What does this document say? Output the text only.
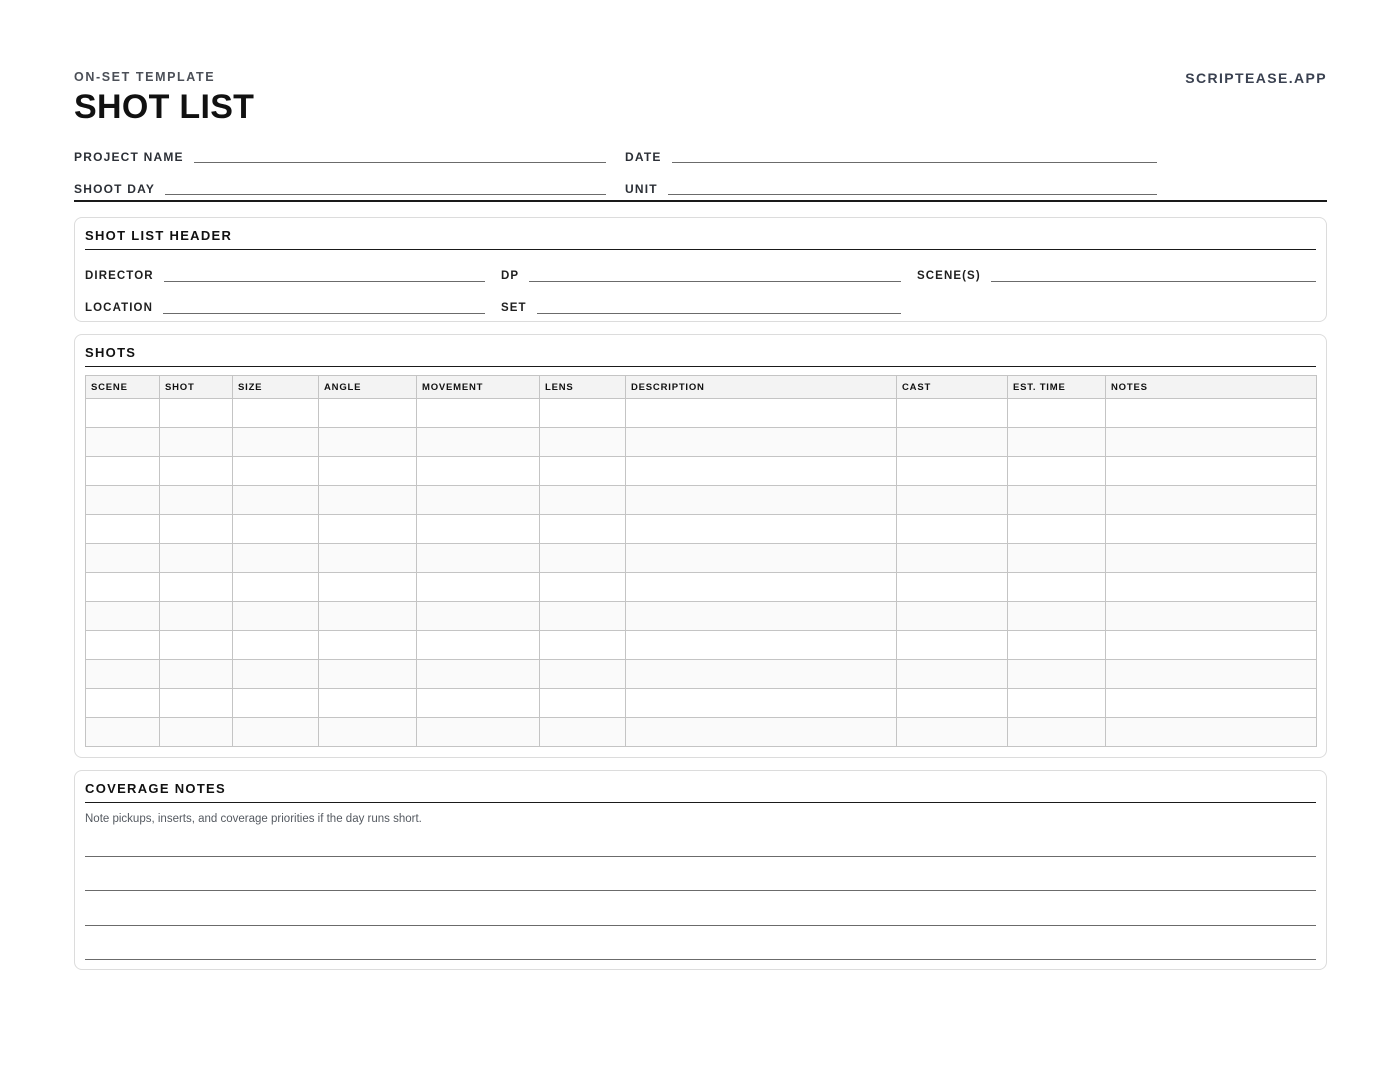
ON-SET TEMPLATE	SCRIPTEASE.APP
SHOT LIST
PROJECT NAME	DATE
SHOOT DAY	UNIT
SHOT LIST HEADER
DIRECTOR	DP	SCENE(S)
LOCATION	SET
SHOTS
SCENE	SHOT	SIZE	ANGLE	MOVEMENT	LENS	DESCRIPTION	CAST	EST. TIME	NOTES

COVERAGE NOTES
Note pickups, inserts, and coverage priorities if the day runs short.
